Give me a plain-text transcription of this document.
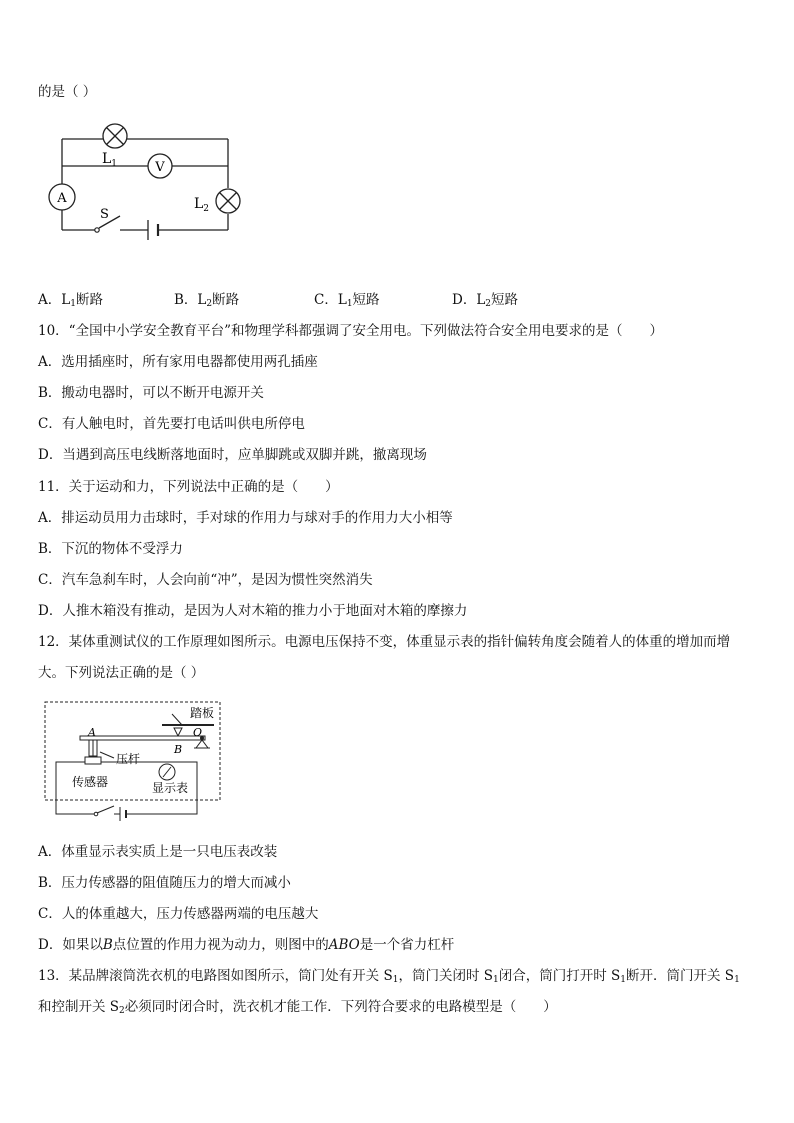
的是（ ）
$L_1$	V
A	$L_2$
S
A．$L_1$断路	B．$L_2$断路	C．$L_1$短路	D．$L_2$短路
10．“全国中小学安全教育平台”和物理学科都强调了安全用电。下列做法符合安全用电要求的是（　　）
A．选用插座时，所有家用电器都使用两孔插座
B．搬动电器时，可以不断开电源开关
C．有人触电时，首先要打电话叫供电所停电
D．当遇到高压电线断落地面时，应单脚跳或双脚并跳，撤离现场
11．关于运动和力，下列说法中正确的是（　　）
A．排运动员用力击球时，手对球的作用力与球对手的作用力大小相等
B．下沉的物体不受浮力
C．汽车急刹车时，人会向前“冲”，是因为惯性突然消失
D．人推木箱没有推动，是因为人对木箱的推力小于地面对木箱的摩擦力
12．某体重测试仪的工作原理如图所示。电源电压保持不变，体重显示表的指针偏转角度会随着人的体重的增加而增
大。下列说法正确的是（ ）
踏板
O
B
A
压杆
传感器	显示表
A．体重显示表实质上是一只电压表改装
B．压力传感器的阻值随压力的增大而减小
C．人的体重越大，压力传感器两端的电压越大
D．如果以B点位置的作用力视为动力，则图中的ABO是一个省力杠杆
13．某品牌滚筒洗衣机的电路图如图所示，筒门处有开关 $S_1$，筒门关闭时 $S_1$闭合，筒门打开时 $S_1$断开．筒门开关 $S_1$
和控制开关 $S_2$必须同时闭合时，洗衣机才能工作．下列符合要求的电路模型是（　　）
